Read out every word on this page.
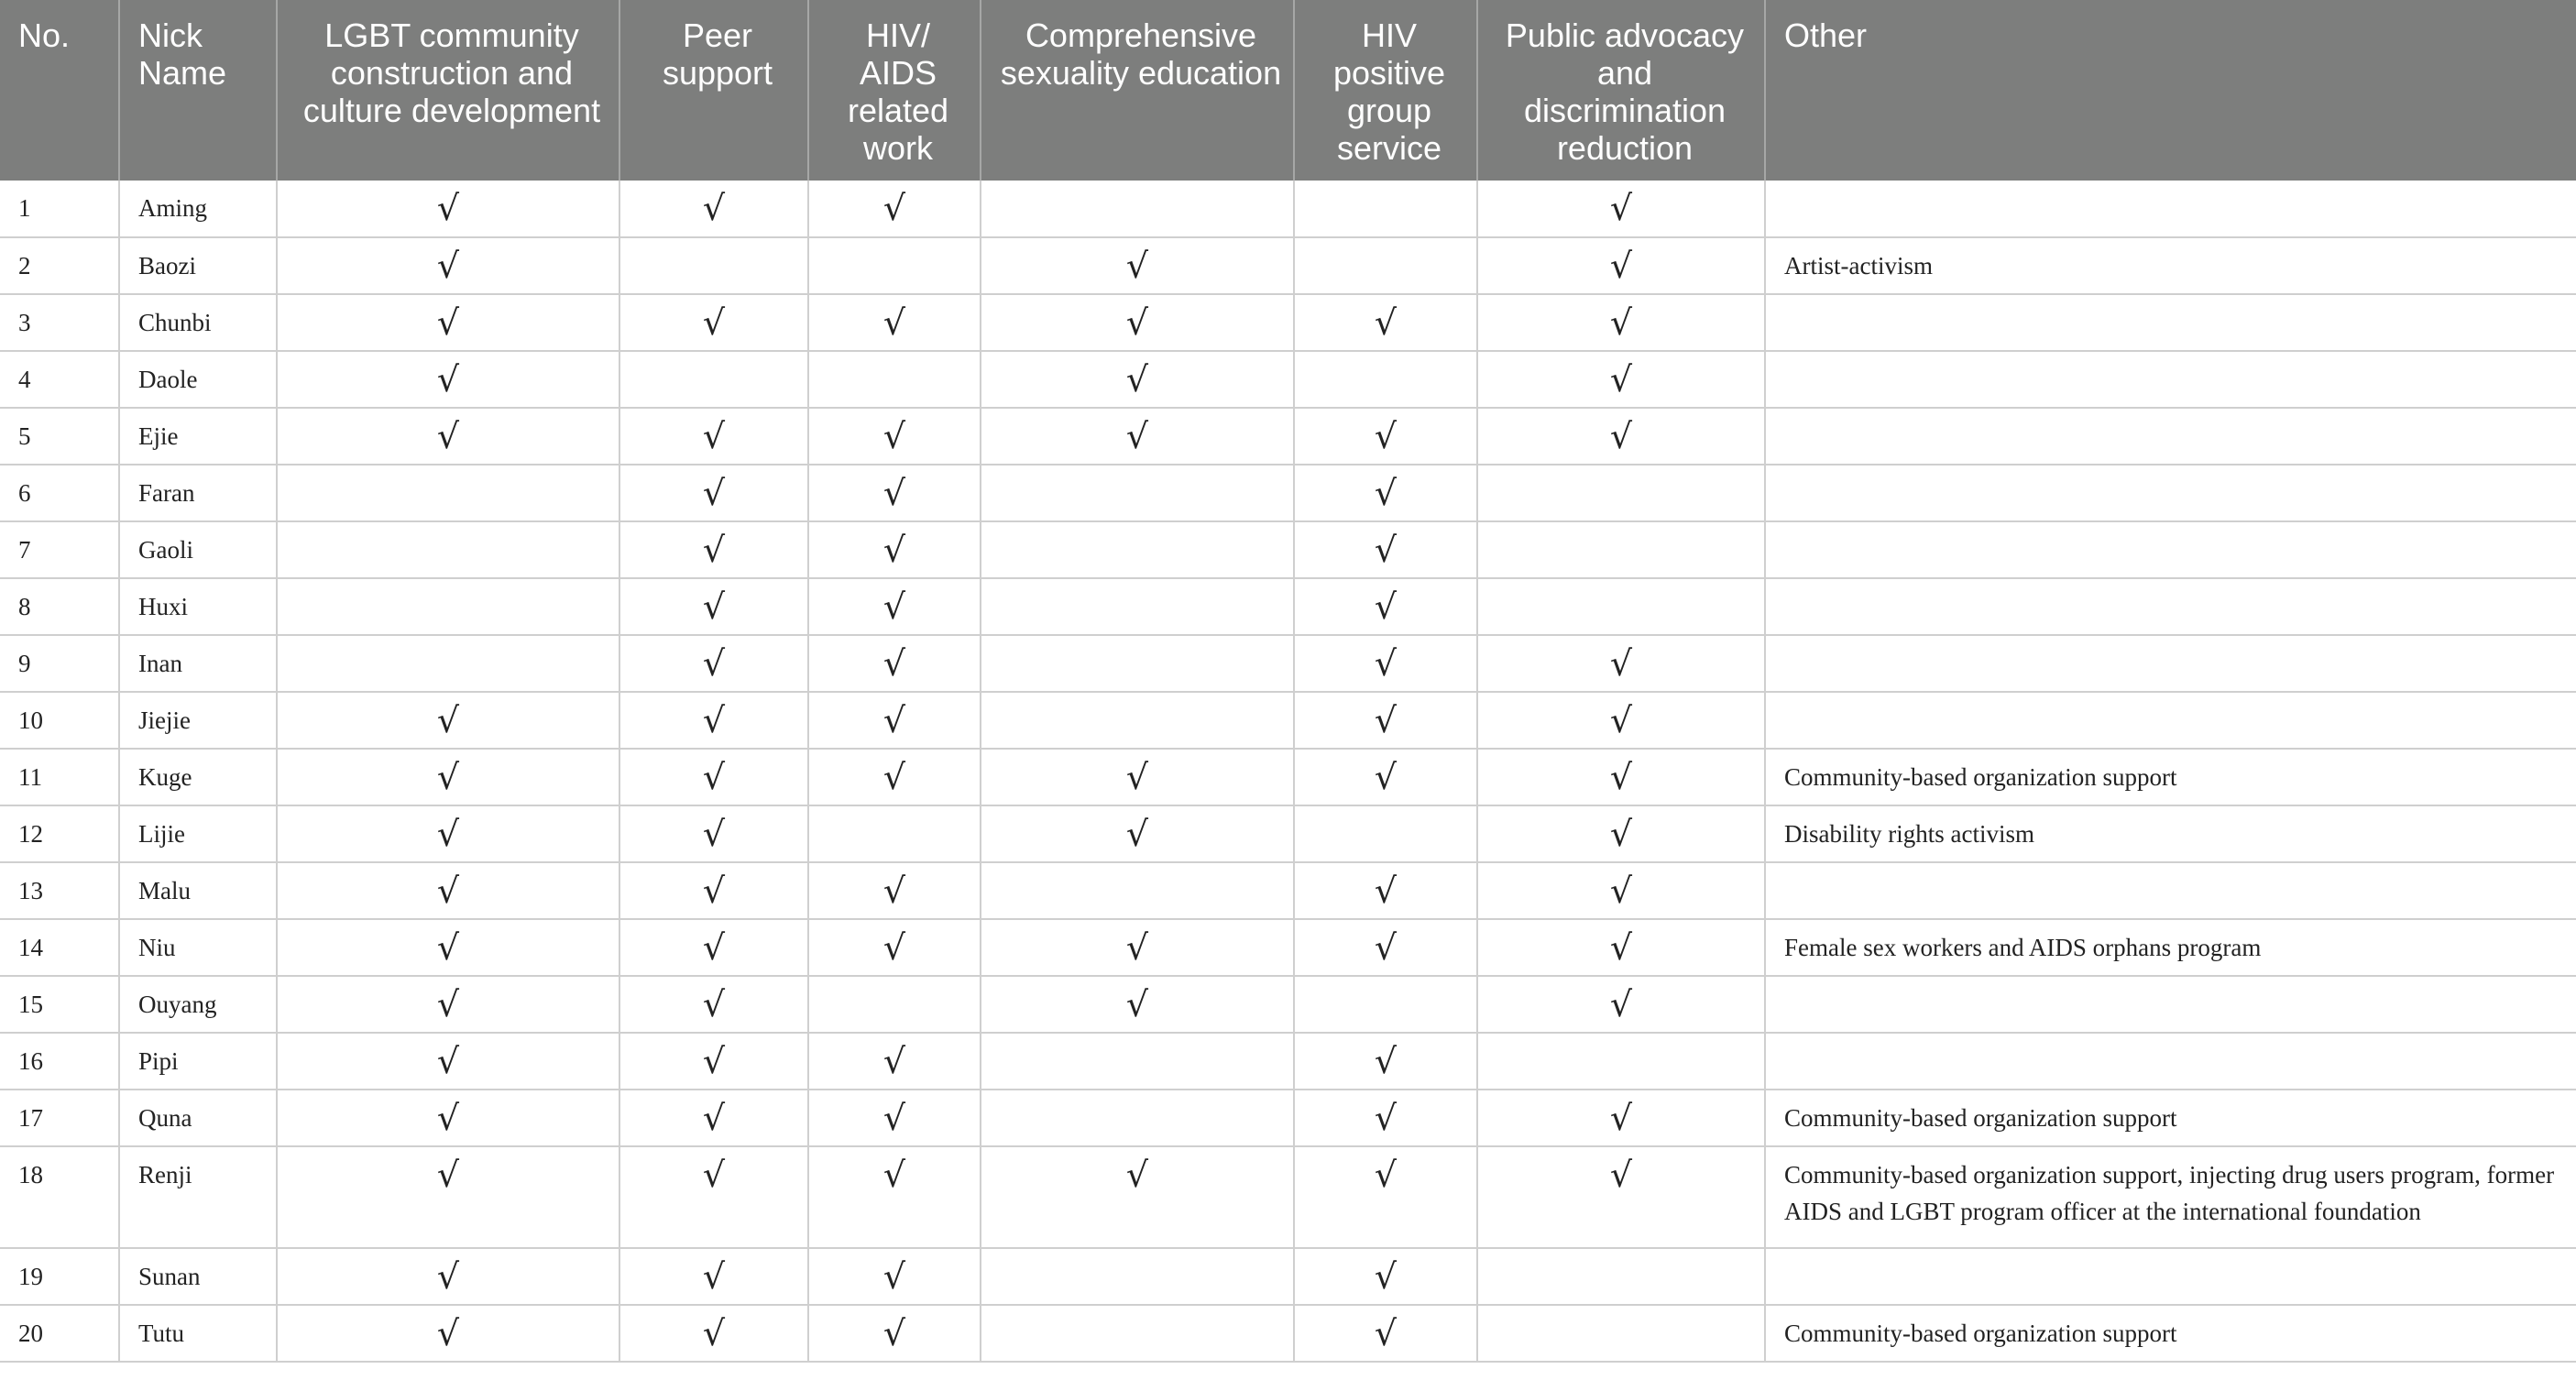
No.	Nick Name	LGBT community construction and culture development	Peer support	HIV/ AIDS related work	Comprehensive sexuality education	HIV positive group service	Public advocacy and discrimination reduction	Other
1	Aming	√	√	√			√	
2	Baozi	√			√		√	Artist-activism
3	Chunbi	√	√	√	√	√	√	
4	Daole	√			√		√	
5	Ejie	√	√	√	√	√	√	
6	Faran		√	√		√		
7	Gaoli		√	√		√		
8	Huxi		√	√		√		
9	Inan		√	√		√	√	
10	Jiejie	√	√	√		√	√	
11	Kuge	√	√	√	√	√	√	Community-based organization support
12	Lijie	√	√		√		√	Disability rights activism
13	Malu	√	√	√		√	√	
14	Niu	√	√	√	√	√	√	Female sex workers and AIDS orphans program
15	Ouyang	√	√		√		√	
16	Pipi	√	√	√		√		
17	Quna	√	√	√		√	√	Community-based organization support
18	Renji	√	√	√	√	√	√	Community-based organization support, injecting drug users program, former AIDS and LGBT program officer at the international foundation
19	Sunan	√	√	√		√		
20	Tutu	√	√	√		√		Community-based organization support
